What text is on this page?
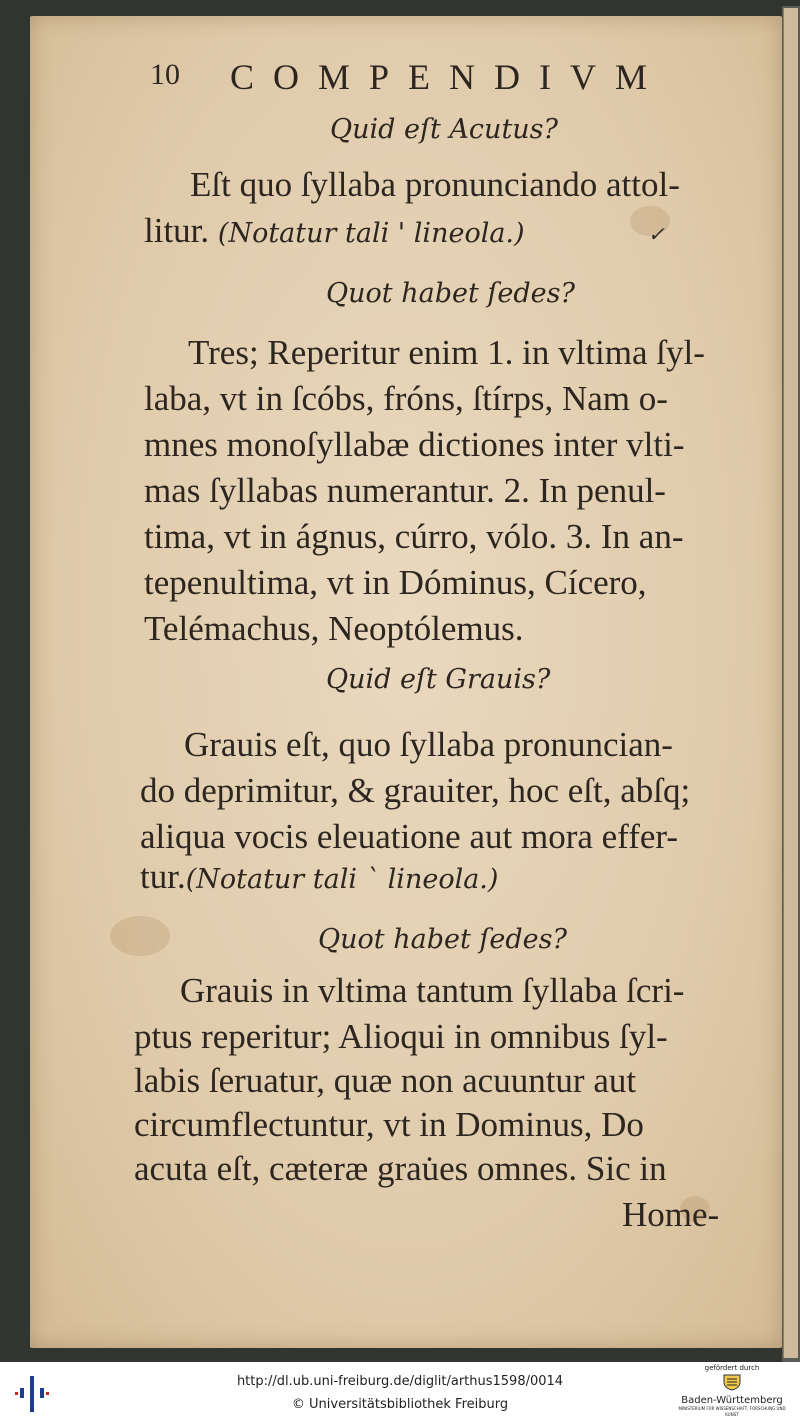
10 COMPENDIVM
Quid eſt Acutus?
Eſt quo ſyllaba pronunciando attol-
litur. (Notatur tali ' lineola.)	✓
Quot habet ſedes?
Tres; Reperitur enim 1. in vltima ſyl-
laba, vt in ſcóbs, fróns, ſtírps, Nam o-
mnes monoſyllabæ dictiones inter vlti-
mas ſyllabas numerantur. 2. In penul-
tima, vt in ágnus, cúrro, vólo. 3. In an-
tepenultima, vt in Dóminus, Cícero,
Telémachus, Neoptólemus.
Quid eſt Grauis?
Grauis eſt, quo ſyllaba pronuncian-
do deprimitur, & grauiter, hoc eſt, abſq;
aliqua vocis eleuatione aut mora effer-
tur.(Notatur tali ` lineola.)
Quot habet ſedes?
Grauis in vltima tantum ſyllaba ſcri-
ptus reperitur; Alioqui in omnibus ſyl-
labis ſeruatur, quæ non acuuntur aut
circumflectuntur, vt in Dominus, Do
acuta eſt, cæteræ grau̇es omnes. Sic in
Home-
http://dl.ub.uni-freiburg.de/diglit/arthus1598/0014
© Universitätsbibliothek Freiburg
gefördert durch
Baden-Württemberg
MINISTERIUM FÜR WISSENSCHAFT, FORSCHUNG UND KUNST
